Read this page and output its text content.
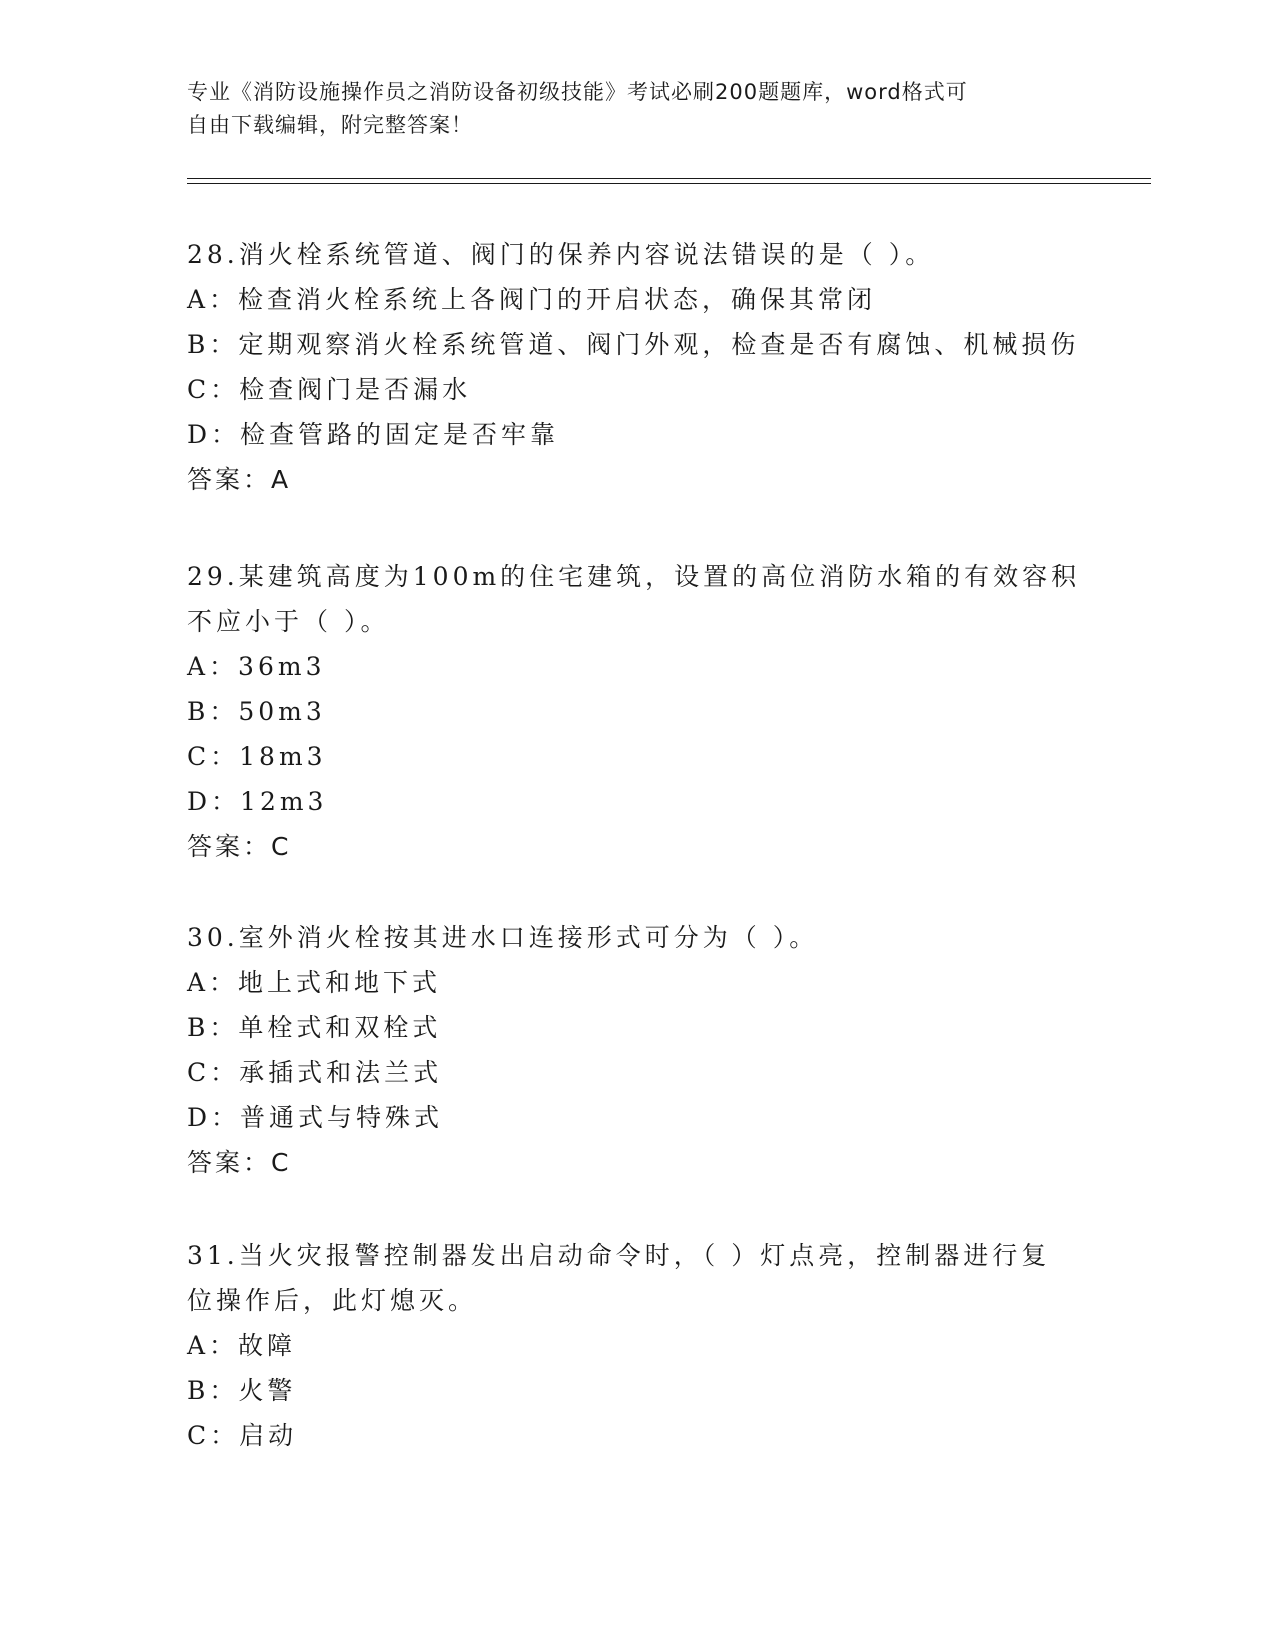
专业《消防设施操作员之消防设备初级技能》考试必刷200题题库，word格式可
自由下载编辑，附完整答案！
28.消火栓系统管道、阀门的保养内容说法错误的是（ ）。
A：检查消火栓系统上各阀门的开启状态，确保其常闭
B：定期观察消火栓系统管道、阀门外观，检查是否有腐蚀、机械损伤
C：检查阀门是否漏水
D：检查管路的固定是否牢靠
答案：A
29.某建筑高度为100m的住宅建筑，设置的高位消防水箱的有效容积
不应小于（ ）。
A：36m3
B：50m3
C：18m3
D：12m3
答案：C
30.室外消火栓按其进水口连接形式可分为（ ）。
A：地上式和地下式
B：单栓式和双栓式
C：承插式和法兰式
D：普通式与特殊式
答案：C
31.当火灾报警控制器发出启动命令时，（ ）灯点亮，控制器进行复
位操作后，此灯熄灭。
A：故障
B：火警
C：启动
